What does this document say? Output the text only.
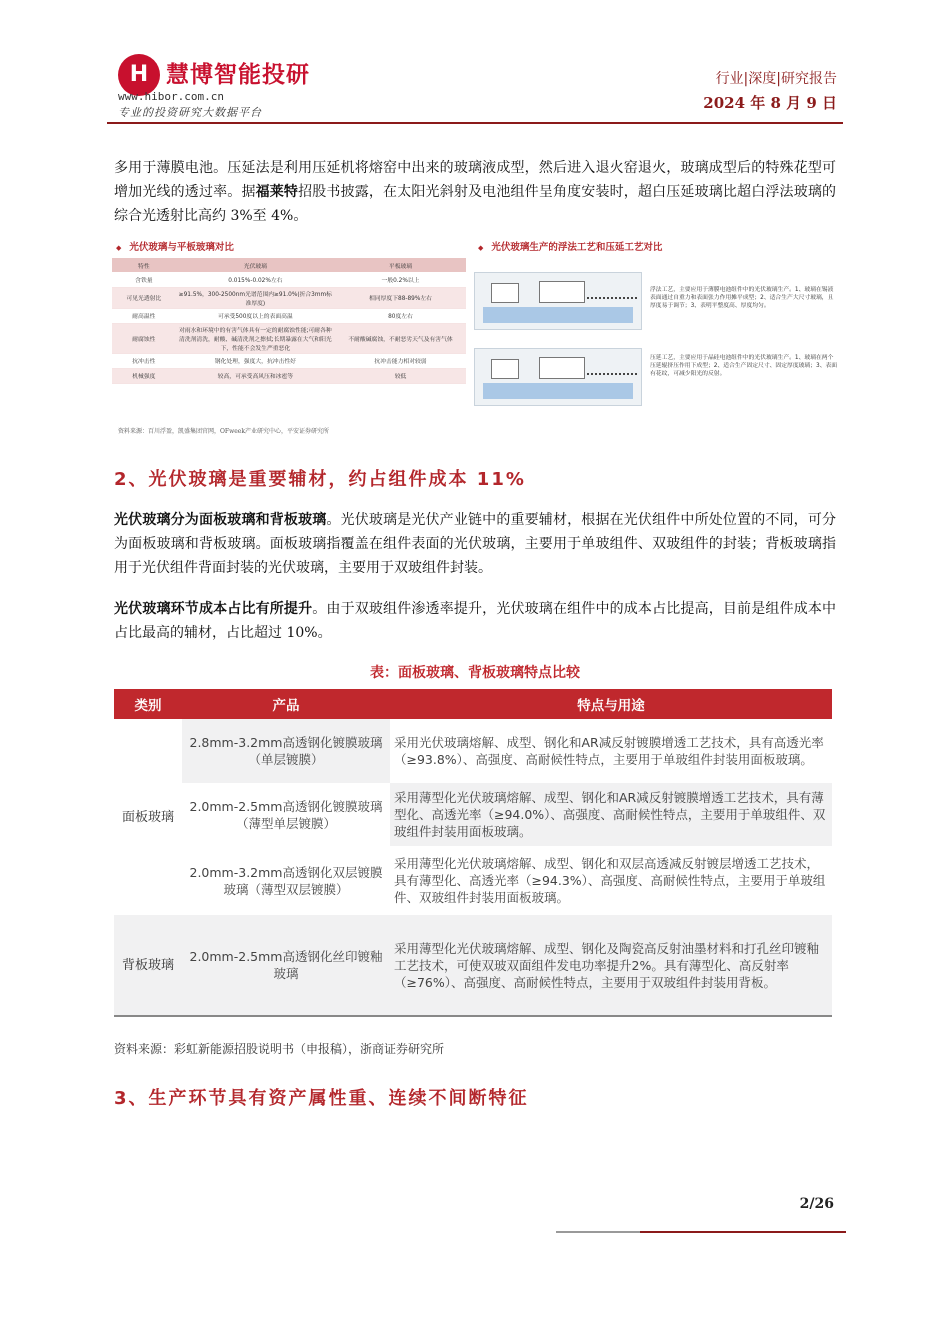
H 慧博智能投研
www.hibor.com.cn
专业的投资研究大数据平台
行业|深度|研究报告
2024 年 8 月 9 日
多用于薄膜电池。压延法是利用压延机将熔窑中出来的玻璃液成型，然后进入退火窑退火，玻璃成型后的特殊花型可增加光线的透过率。据福莱特招股书披露，在太阳光斜射及电池组件呈角度安装时，超白压延玻璃比超白浮法玻璃的综合光透射比高约 3%至 4%。
◆ 光伏玻璃与平板玻璃对比
特性	光伏玻璃	平板玻璃
含铁量	0.015%-0.02%左右	一般0.2%以上
可见光透射比	≥91.5%，300-2500nm光谱范围内≥91.0%(折合3mm标准厚度)	相同厚度下88-89%左右
耐高温性	可承受500度以上的表面高温	80度左右
耐腐蚀性	对雨水和环境中的有害气体具有一定的耐腐蚀性能;可耐各种清洗剂清洗，耐酸、碱清洗剂之擦拭;长期暴露在大气和阳光下，性能不会发生严重恶化	不耐酸碱腐蚀，不耐恶劣天气及有害气体
抗冲击性	钢化处理，强度大，抗冲击性好	抗冲击能力相对较弱
机械强度	较高，可承受高风压和冰雹等	较低
资料来源：百川浮盈，凯盛集团官网，OFweek产业研究中心，平安证券研究所
◆ 光伏玻璃生产的浮法工艺和压延工艺对比
浮法工艺，主要应用于薄膜电池组件中的光伏玻璃生产。1、玻璃在锡液表面通过自重力和表面张力作用摊平成型；2、适合生产大尺寸玻璃，且厚度易于调节；3、表明平整度高、厚度均匀。
压延工艺，主要应用于晶硅电池组件中的光伏玻璃生产。1、玻璃在两个压延辊挤压作用下成型；2、适合生产固定尺寸、固定厚度玻璃；3、表面有花纹，可减少阳光的反射。
2、光伏玻璃是重要辅材，约占组件成本 11%
光伏玻璃分为面板玻璃和背板玻璃。光伏玻璃是光伏产业链中的重要辅材，根据在光伏组件中所处位置的不同，可分为面板玻璃和背板玻璃。面板玻璃指覆盖在组件表面的光伏玻璃，主要用于单玻组件、双玻组件的封装；背板玻璃指用于光伏组件背面封装的光伏玻璃，主要用于双玻组件封装。
光伏玻璃环节成本占比有所提升。由于双玻组件渗透率提升，光伏玻璃在组件中的成本占比提高，目前是组件成本中占比最高的辅材，占比超过 10%。
表：面板玻璃、背板玻璃特点比较
类别	产品	特点与用途
面板玻璃	2.8mm-3.2mm高透钢化镀膜玻璃（单层镀膜）	采用光伏玻璃熔解、成型、钢化和AR减反射镀膜增透工艺技术，具有高透光率（≥93.8%）、高强度、高耐候性特点，主要用于单玻组件封装用面板玻璃。
	2.0mm-2.5mm高透钢化镀膜玻璃（薄型单层镀膜）	采用薄型化光伏玻璃熔解、成型、钢化和AR减反射镀膜增透工艺技术，具有薄型化、高透光率（≥94.0%）、高强度、高耐候性特点，主要用于单玻组件、双玻组件封装用面板玻璃。
	2.0mm-3.2mm高透钢化双层镀膜玻璃（薄型双层镀膜）	采用薄型化光伏玻璃熔解、成型、钢化和双层高透减反射镀层增透工艺技术，具有薄型化、高透光率（≥94.3%）、高强度、高耐候性特点，主要用于单玻组件、双玻组件封装用面板玻璃。
背板玻璃	2.0mm-2.5mm高透钢化丝印镀釉玻璃	采用薄型化光伏玻璃熔解、成型、钢化及陶瓷高反射油墨材料和打孔丝印镀釉工艺技术，可使双玻双面组件发电功率提升2%。具有薄型化、高反射率（≥76%）、高强度、高耐候性特点，主要用于双玻组件封装用背板。
资料来源：彩虹新能源招股说明书（申报稿），浙商证券研究所
3、生产环节具有资产属性重、连续不间断特征
2/26
